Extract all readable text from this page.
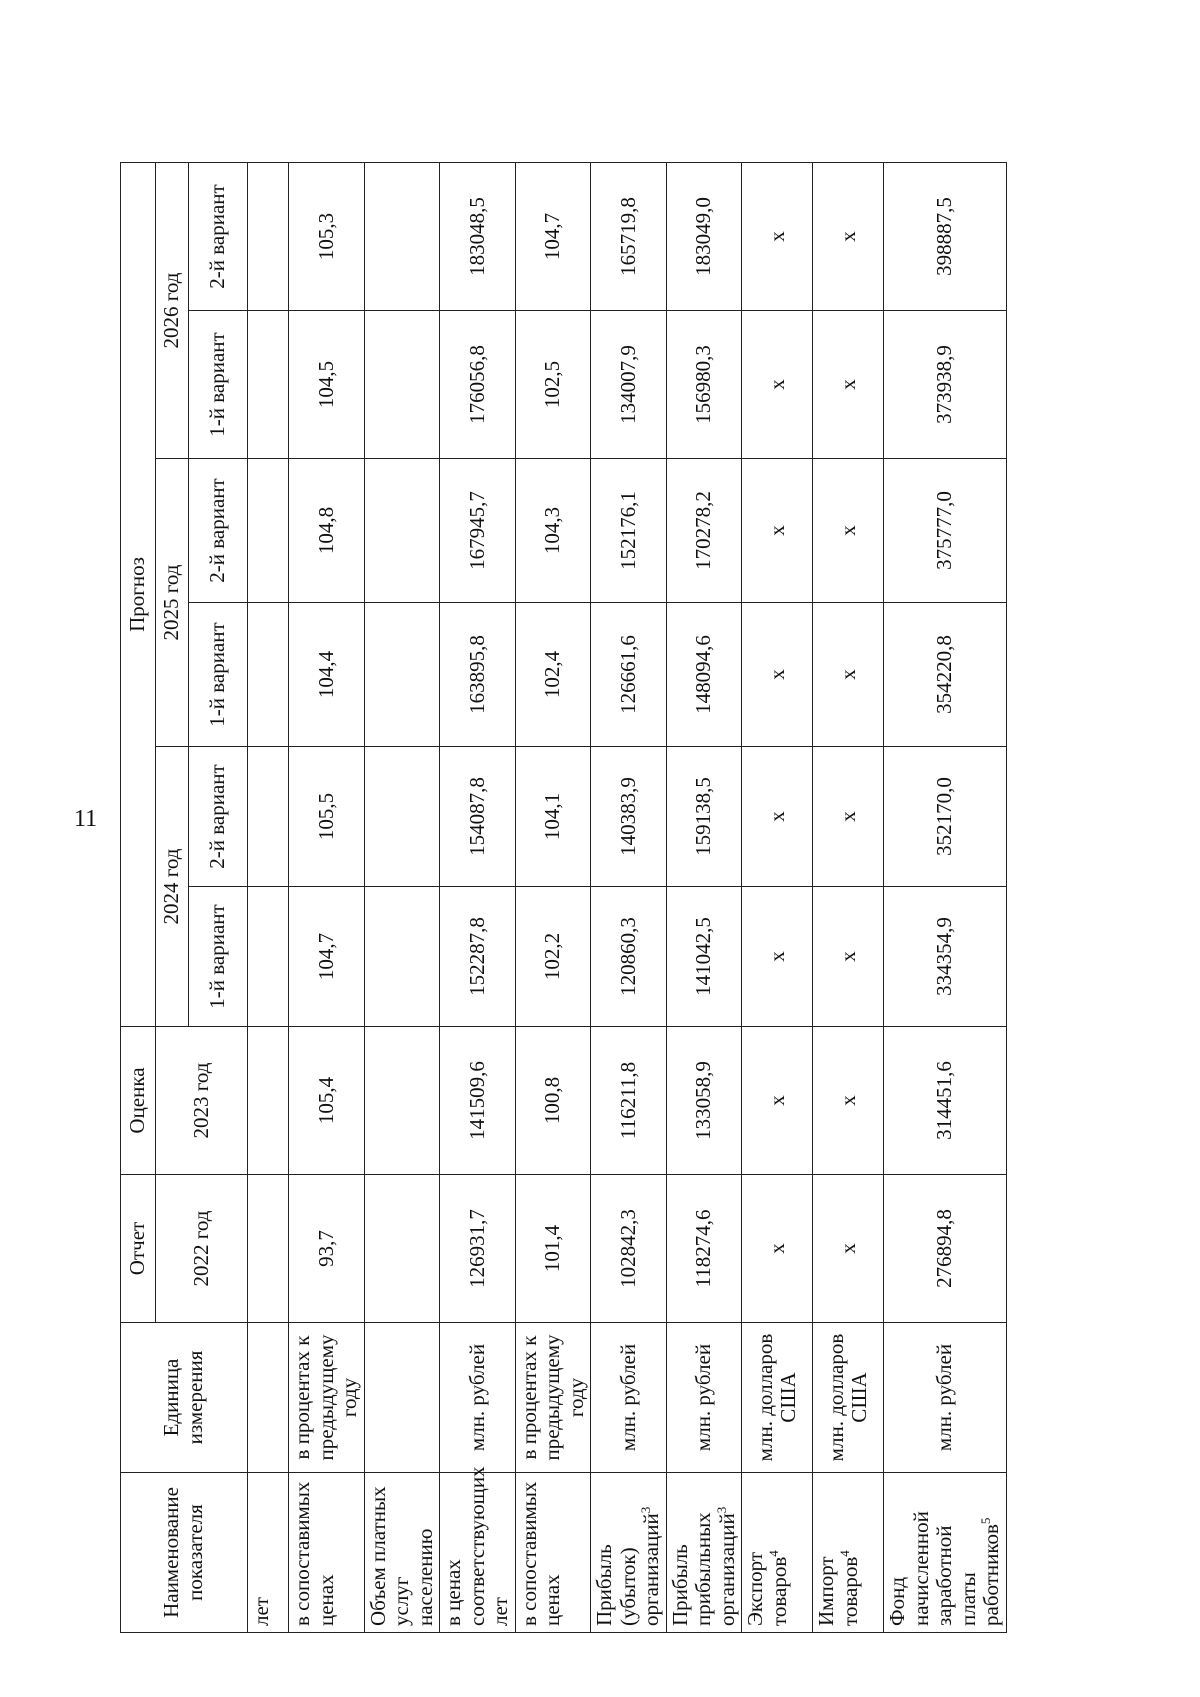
11
Наименование показателя	Единица измерения	Отчет	Оценка	Прогноз					
		2022 год	2023 год	2024 год		2025 год		2026 год	
				1-й вариант	2-й вариант	1-й вариант	2-й вариант	1-й вариант	2-й вариант
лет									
в сопоставимых ценах	в процентах к предыдущему году	93,7	105,4	104,7	105,5	104,4	104,8	104,5	105,3
Объем платных услуг населению									
в ценах соответствующих лет	млн. рублей	126931,7	141509,6	152287,8	154087,8	163895,8	167945,7	176056,8	183048,5
в сопоставимых ценах	в процентах к предыдущему году	101,4	100,8	102,2	104,1	102,4	104,3	102,5	104,7
Прибыль (убыток) организаций$^3$	млн. рублей	102842,3	116211,8	120860,3	140383,9	126661,6	152176,1	134007,9	165719,8
Прибыль прибыльных организаций$^3$	млн. рублей	118274,6	133058,9	141042,5	159138,5	148094,6	170278,2	156980,3	183049,0
Экспорт товаров$^4$	млн. долларов США	x	x	x	x	x	x	x	x
Импорт товаров$^4$	млн. долларов США	x	x	x	x	x	x	x	x
Фонд начисленной заработной платы работников$^5$	млн. рублей	276894,8	314451,6	334354,9	352170,0	354220,8	375777,0	373938,9	398887,5
